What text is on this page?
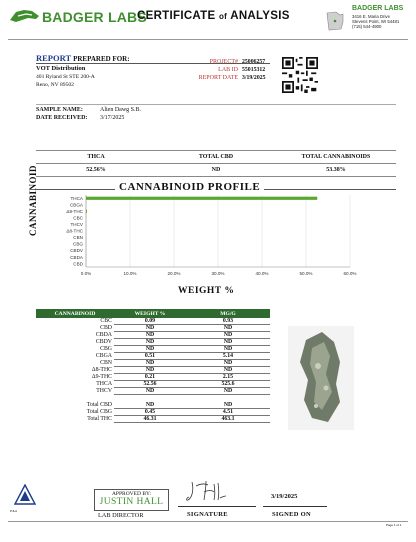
BADGER LABS
CERTIFICATE of ANALYSIS
BADGER LABS
3416 E. Maria Drive
Stevens Point, WI 54481
(715) 544-4900
REPORT PREPARED FOR:
VOT Distribution
401 Ryland St STE 200-A
Reno, NV 89502
PROJECT# 25006257
LAB ID 55015312
REPORT DATE 3/19/2025
SAMPLE NAME:	Alien Dawg S.B.
DATE RECEIVED: 3/17/2025
THCA	TOTAL CBD	TOTAL CANNABINOIDS
52.56%	ND	53.38%
CANNABINOID PROFILE
CANNABINOID
0.0%	10.0%	20.0%	30.0%	40.0%	50.0%	60.0%
THCA
CBGA
Δ9-THC
CBC
THCV
Δ8-THC
CBN
CBG
CBDV
CBDA
CBD
WEIGHT %
CANNABINOID	WEIGHT %	MG/G
CBC	0.09	0.93
CBD	ND	ND
CBDA	ND	ND
CBDV	ND	ND
CBG	ND	ND
CBGA	0.51	5.14
CBN	ND	ND
Δ8-THC	ND	ND
Δ9-THC	0.21	2.15
THCA	52.56	525.6
THCV	ND	ND
Total CBD	ND	ND
Total CBG	0.45	4.51
Total THC	46.31	463.1
PJLA
APPROVED BY:
JUSTIN HALL
LAB DIRECTOR	SIGNATURE
3/19/2025
SIGNED ON
Page 1 of 1
